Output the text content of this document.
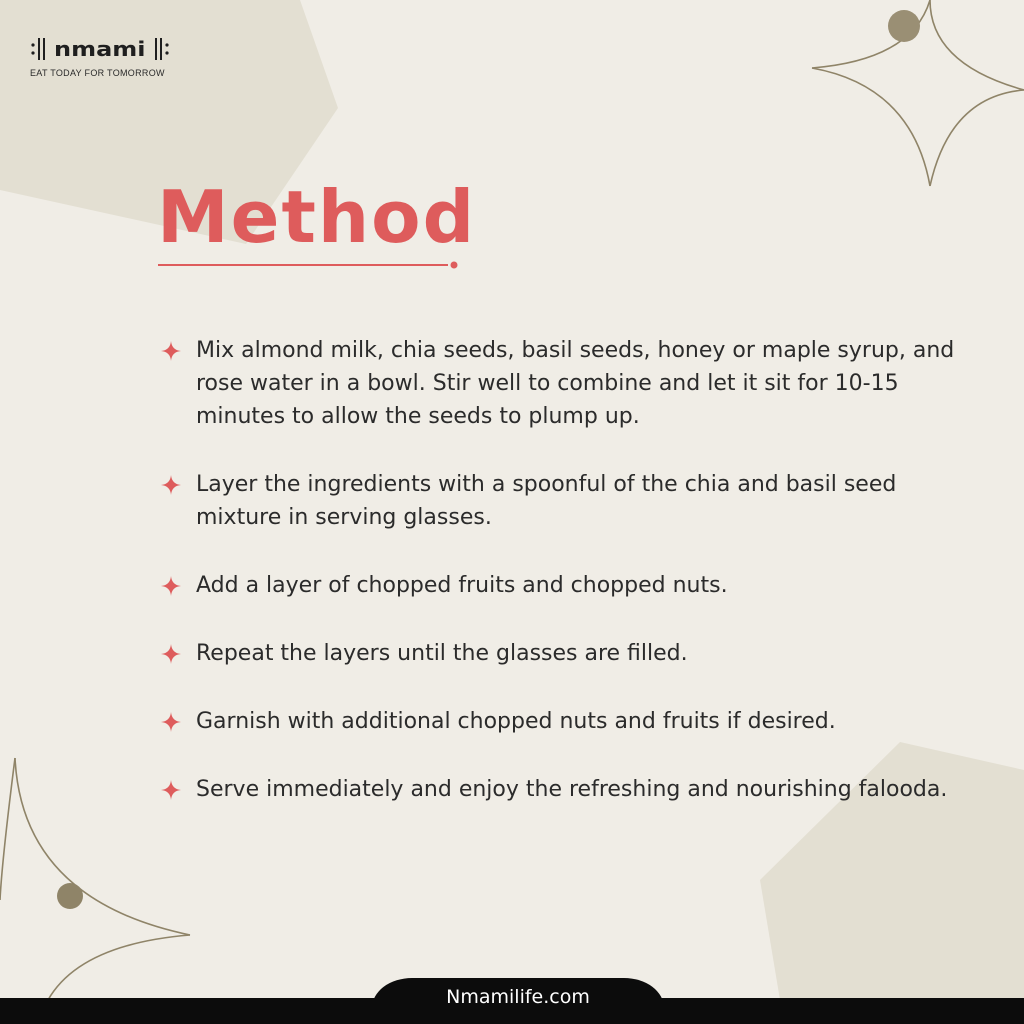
nmami
EAT TODAY FOR TOMORROW
Method
Mix almond milk, chia seeds, basil seeds, honey or maple syrup, and rose water in a bowl. Stir well to combine and let it sit for 10-15 minutes to allow the seeds to plump up.
Layer the ingredients with a spoonful of the chia and basil seed mixture in serving glasses.
Add a layer of chopped fruits and chopped nuts.
Repeat the layers until the glasses are filled.
Garnish with additional chopped nuts and fruits if desired.
Serve immediately and enjoy the refreshing and nourishing falooda.
Nmamilife.com
